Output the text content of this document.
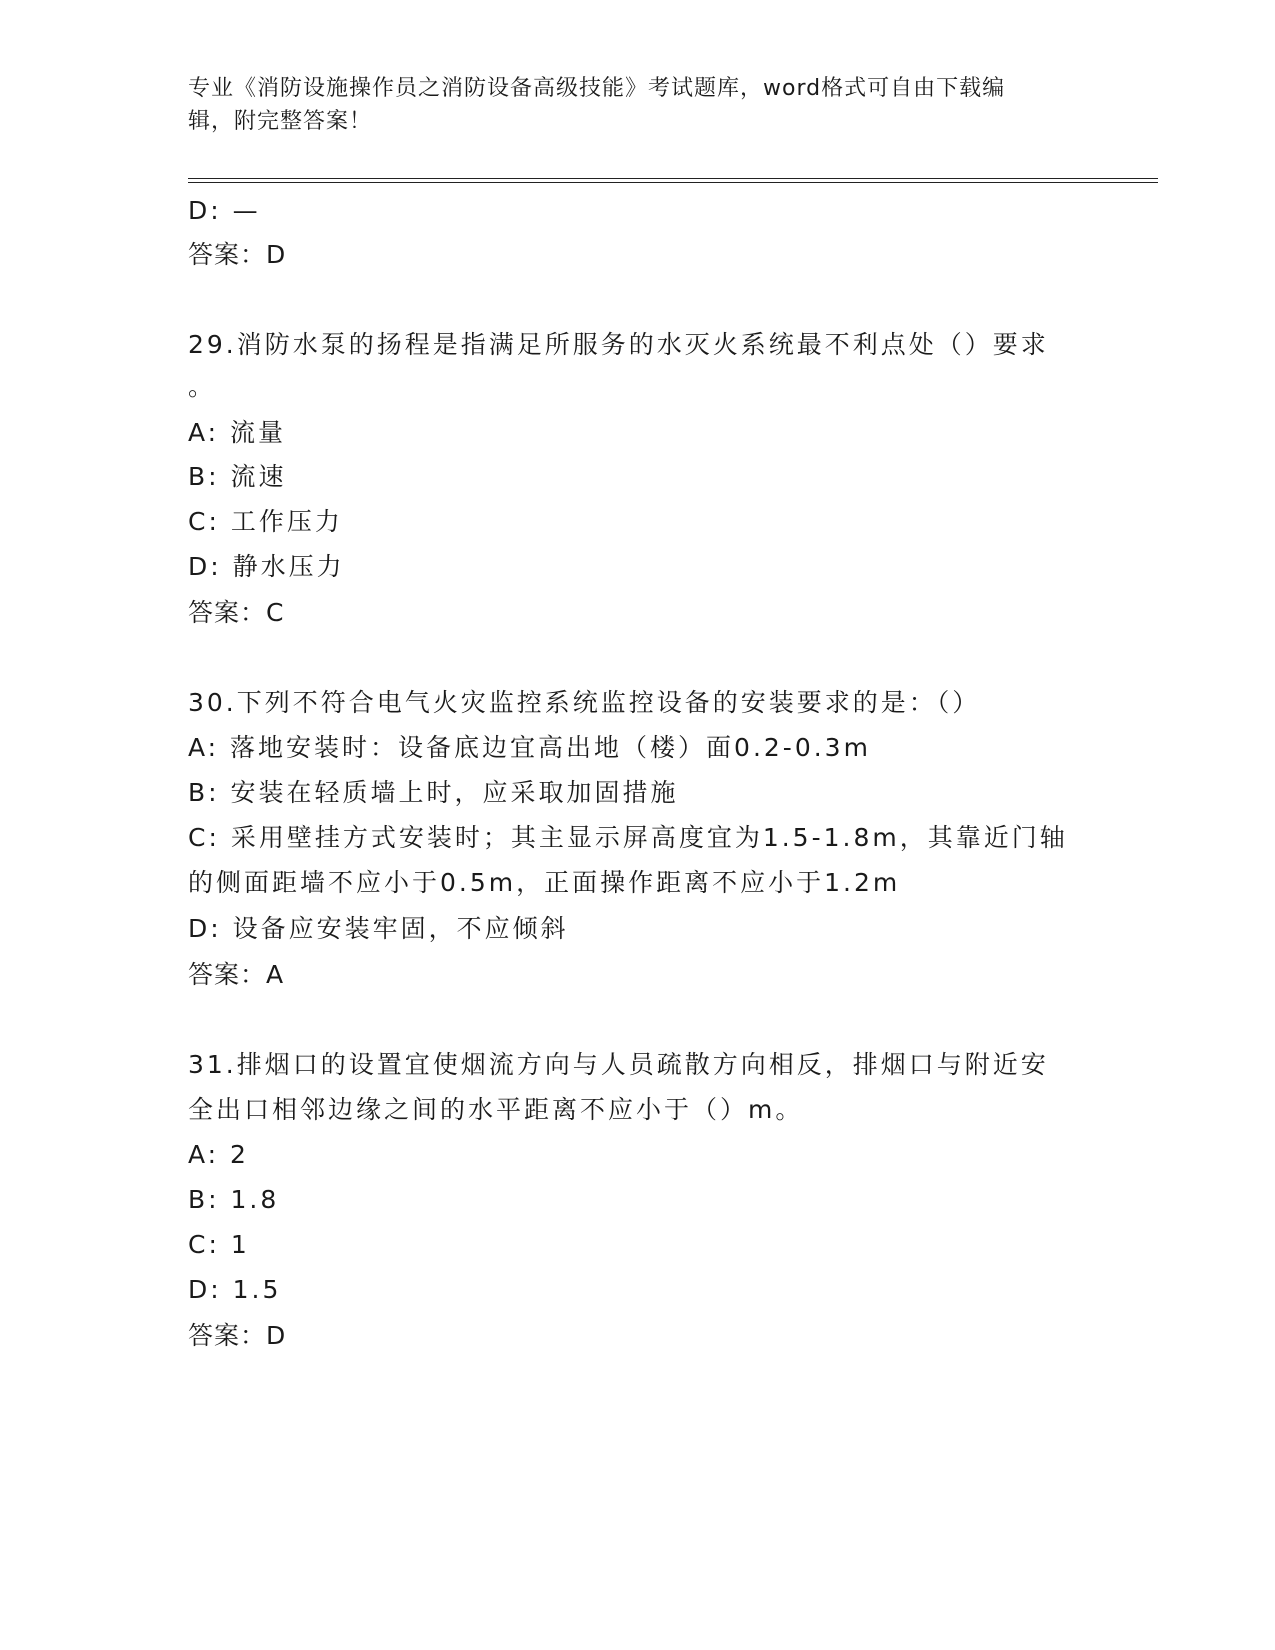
专业《消防设施操作员之消防设备高级技能》考试题库，word格式可自由下载编
辑，附完整答案！
D: —
答案：D
29.消防水泵的扬程是指满足所服务的水灭火系统最不利点处（）要求
。
A: 流量
B: 流速
C: 工作压力
D: 静水压力
答案：C
30.下列不符合电气火灾监控系统监控设备的安装要求的是：（）
A: 落地安装时：设备底边宜高出地（楼）面0.2-0.3m
B: 安装在轻质墙上时，应采取加固措施
C: 采用壁挂方式安装时；其主显示屏高度宜为1.5-1.8m，其靠近门轴
的侧面距墙不应小于0.5m，正面操作距离不应小于1.2m
D: 设备应安装牢固，不应倾斜
答案：A
31.排烟口的设置宜使烟流方向与人员疏散方向相反，排烟口与附近安
全出口相邻边缘之间的水平距离不应小于（）m。
A: 2
B: 1.8
C: 1
D: 1.5
答案：D
